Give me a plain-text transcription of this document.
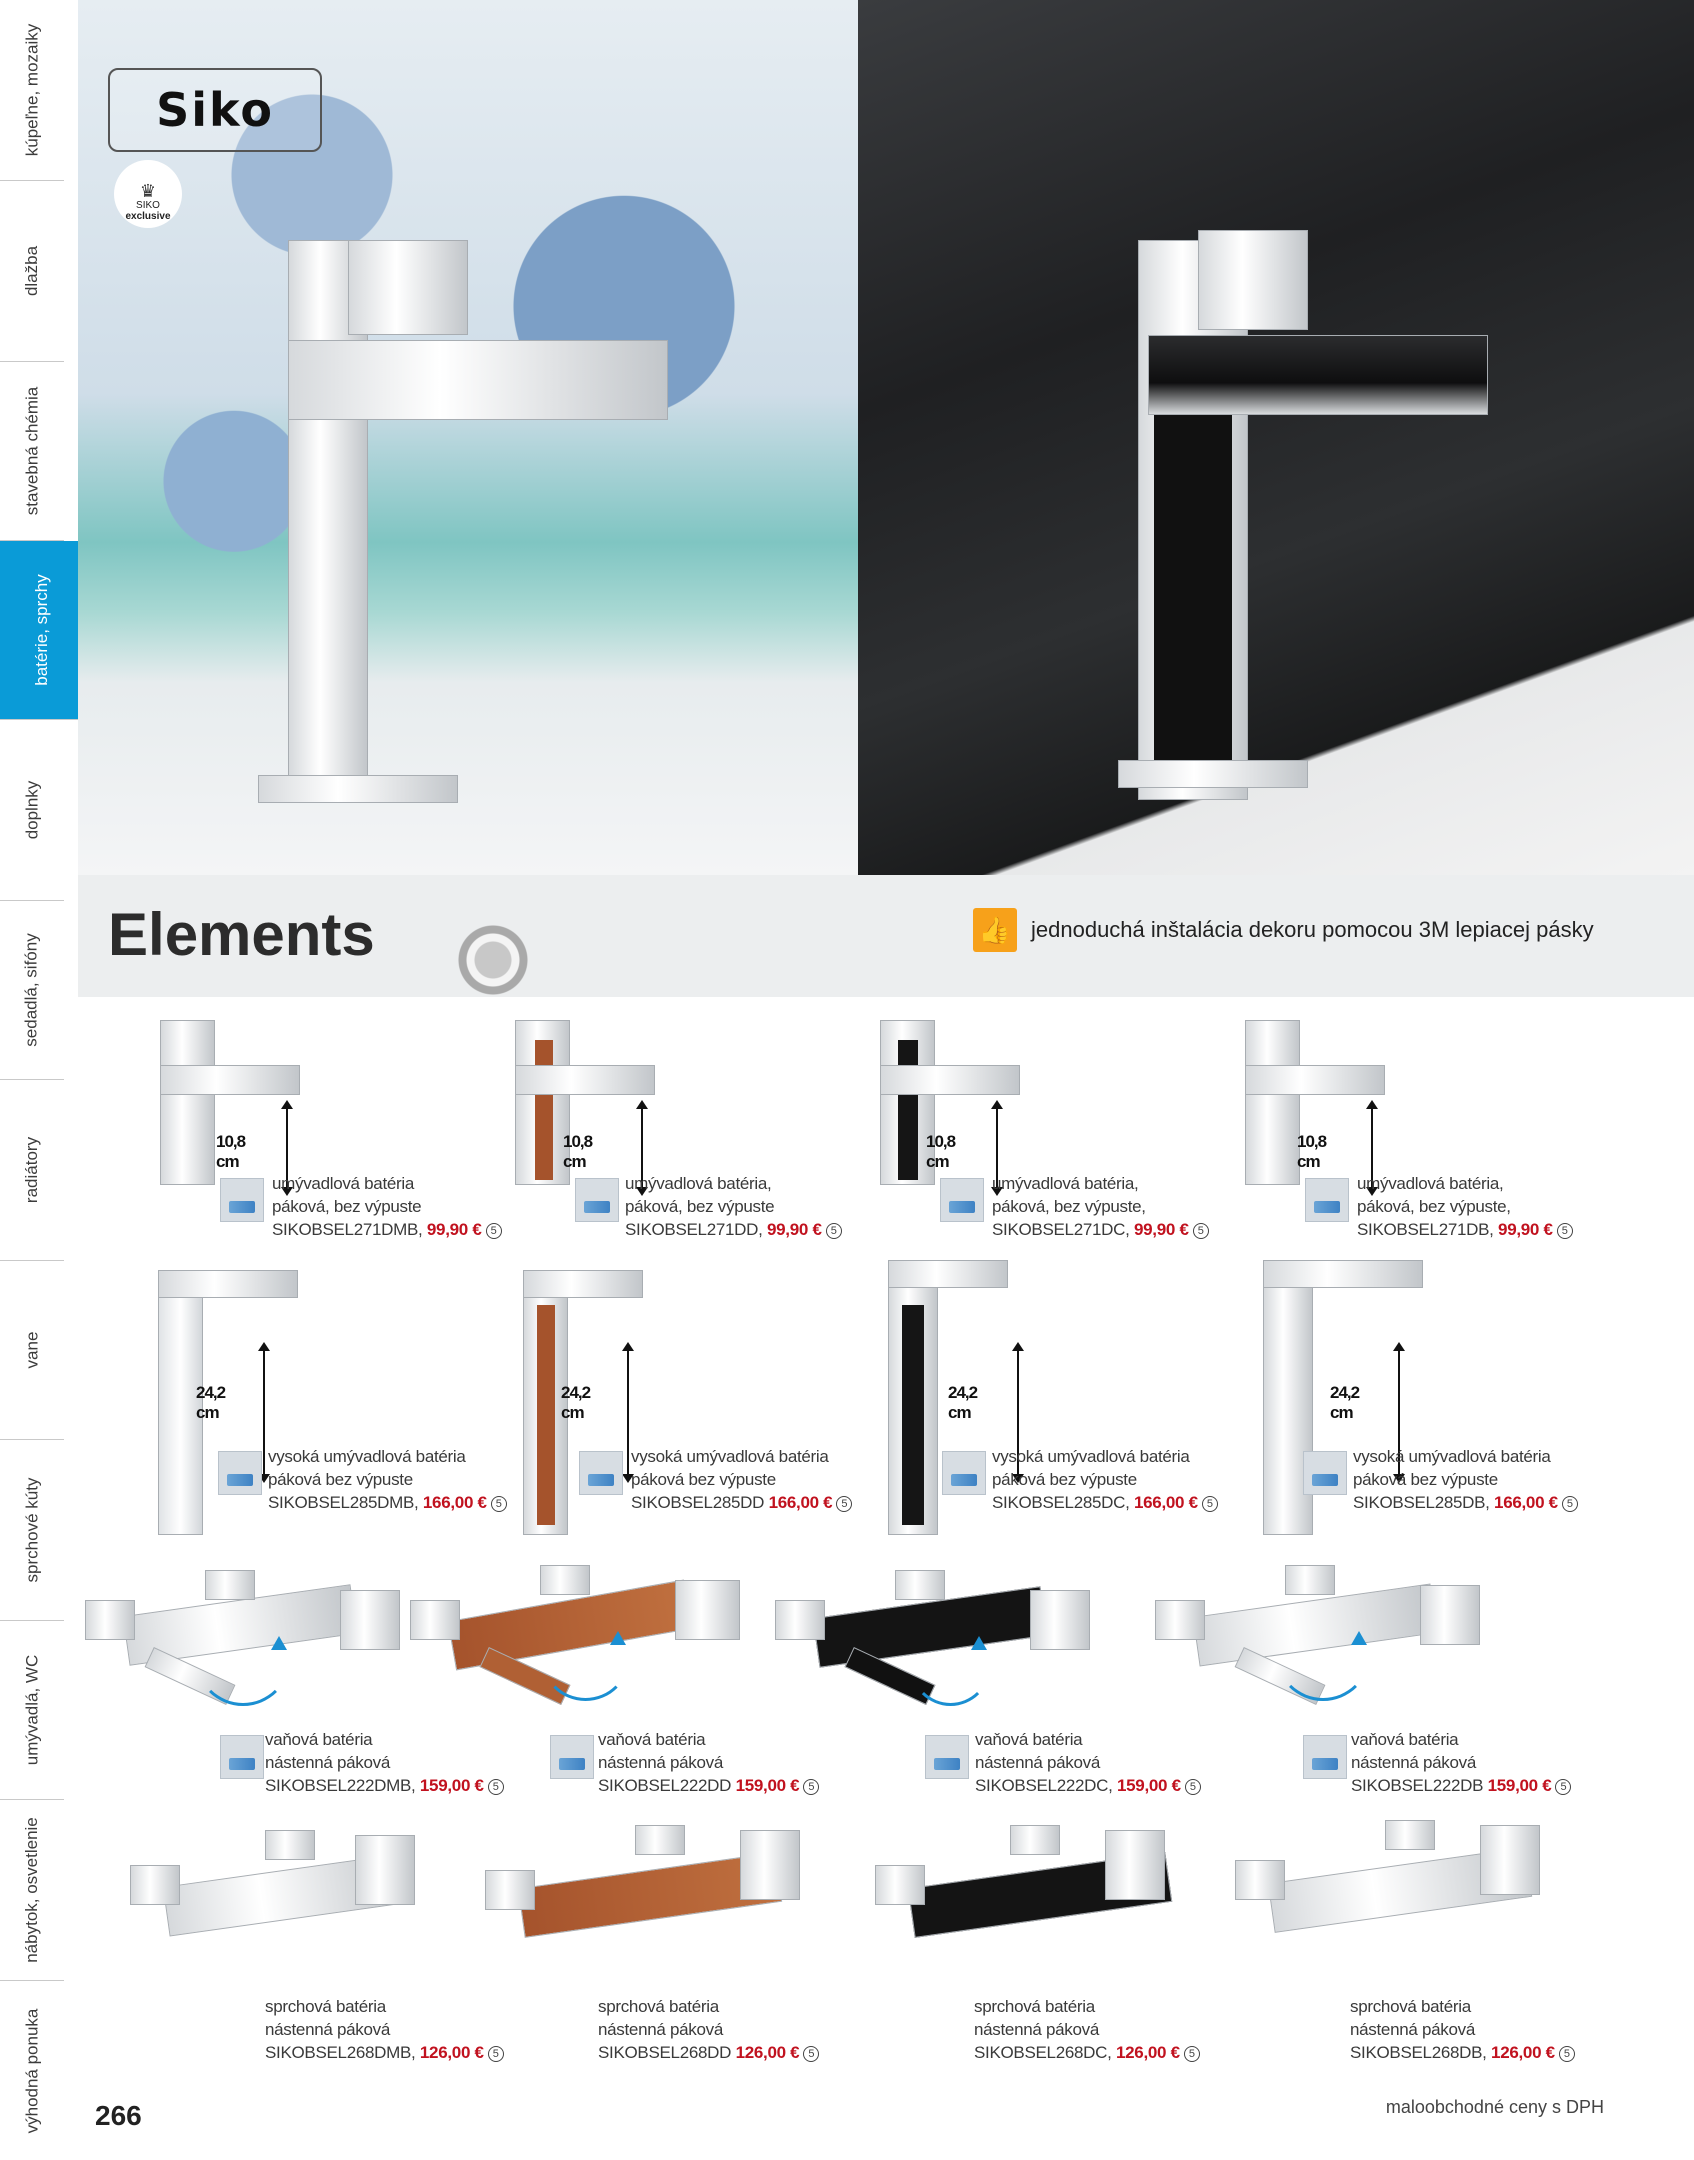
kúpeľne, mozaiky
dlažba
stavebná chémia
batérie, sprchy
doplnky
sedadlá, sifóny
radiátory
vane
sprchové kúty
umývadlá, WC
nábytok, osvetlenie
výhodná ponuka
Siko
♛
SIKO
exclusive
Elements	👍 jednoduchá inštalácia dekoru pomocou 3M lepiacej pásky
10,8 cm
umývadlová batéria
páková, bez výpuste
SIKOBSEL271DMB, 99,90 € 5
10,8 cm
umývadlová batéria,
páková, bez výpuste
SIKOBSEL271DD, 99,90 € 5
10,8 cm
umývadlová batéria,
páková, bez výpuste,
SIKOBSEL271DC, 99,90 € 5
10,8 cm
umývadlová batéria,
páková, bez výpuste,
SIKOBSEL271DB, 99,90 € 5
24,2 cm
vysoká umývadlová batéria
páková bez výpuste
SIKOBSEL285DMB, 166,00 € 5
24,2 cm
vysoká umývadlová batéria
páková bez výpuste
SIKOBSEL285DD 166,00 € 5
24,2 cm
vysoká umývadlová batéria
páková bez výpuste
SIKOBSEL285DC, 166,00 € 5
24,2 cm
vysoká umývadlová batéria
páková bez výpuste
SIKOBSEL285DB, 166,00 € 5
vaňová batéria
nástenná páková
SIKOBSEL222DMB, 159,00 € 5
vaňová batéria
nástenná páková
SIKOBSEL222DD 159,00 € 5
vaňová batéria
nástenná páková
SIKOBSEL222DC, 159,00 € 5
vaňová batéria
nástenná páková
SIKOBSEL222DB 159,00 € 5
sprchová batéria
nástenná páková
SIKOBSEL268DMB, 126,00 € 5
sprchová batéria
nástenná páková
SIKOBSEL268DD 126,00 € 5
sprchová batéria
nástenná páková
SIKOBSEL268DC, 126,00 € 5
sprchová batéria
nástenná páková
SIKOBSEL268DB, 126,00 € 5
266	maloobchodné ceny s DPH
